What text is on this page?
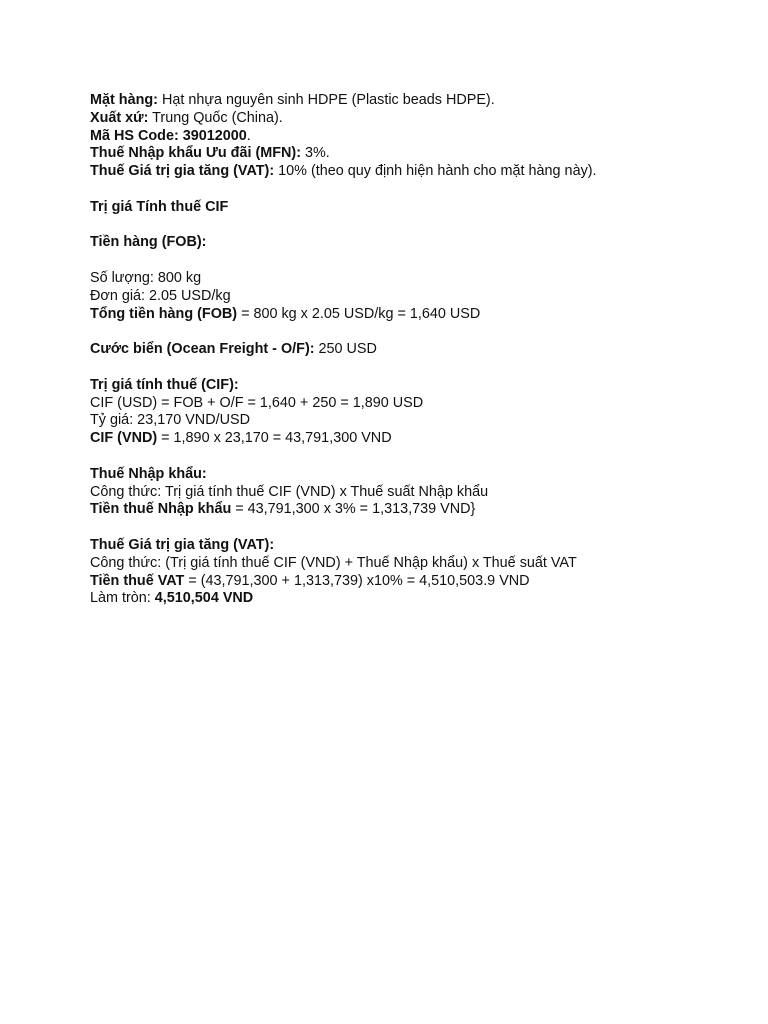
Mặt hàng: Hạt nhựa nguyên sinh HDPE (Plastic beads HDPE).
Xuất xứ: Trung Quốc (China).
Mã HS Code: 39012000.
Thuế Nhập khẩu Ưu đãi (MFN): 3%.
Thuế Giá trị gia tăng (VAT): 10% (theo quy định hiện hành cho mặt hàng này).
Trị giá Tính thuế CIF
Tiền hàng (FOB):
Số lượng: 800 kg
Đơn giá: 2.05 USD/kg
Tổng tiền hàng (FOB) = 800 kg x 2.05 USD/kg = 1,640 USD
Cước biển (Ocean Freight - O/F): 250 USD
Trị giá tính thuế (CIF):
CIF (USD) = FOB + O/F = 1,640 + 250 = 1,890 USD
Tỷ giá: 23,170 VND/USD
CIF (VND) = 1,890 x 23,170 = 43,791,300 VND
Thuế Nhập khẩu:
Công thức: Trị giá tính thuế CIF (VND) x Thuế suất Nhập khẩu
Tiền thuế Nhập khẩu = 43,791,300 x 3% = 1,313,739 VND}
Thuế Giá trị gia tăng (VAT):
Công thức: (Trị giá tính thuế CIF (VND) + Thuế Nhập khẩu) x Thuế suất VAT
Tiền thuế VAT = (43,791,300 + 1,313,739) x10% = 4,510,503.9 VND
Làm tròn: 4,510,504 VND
